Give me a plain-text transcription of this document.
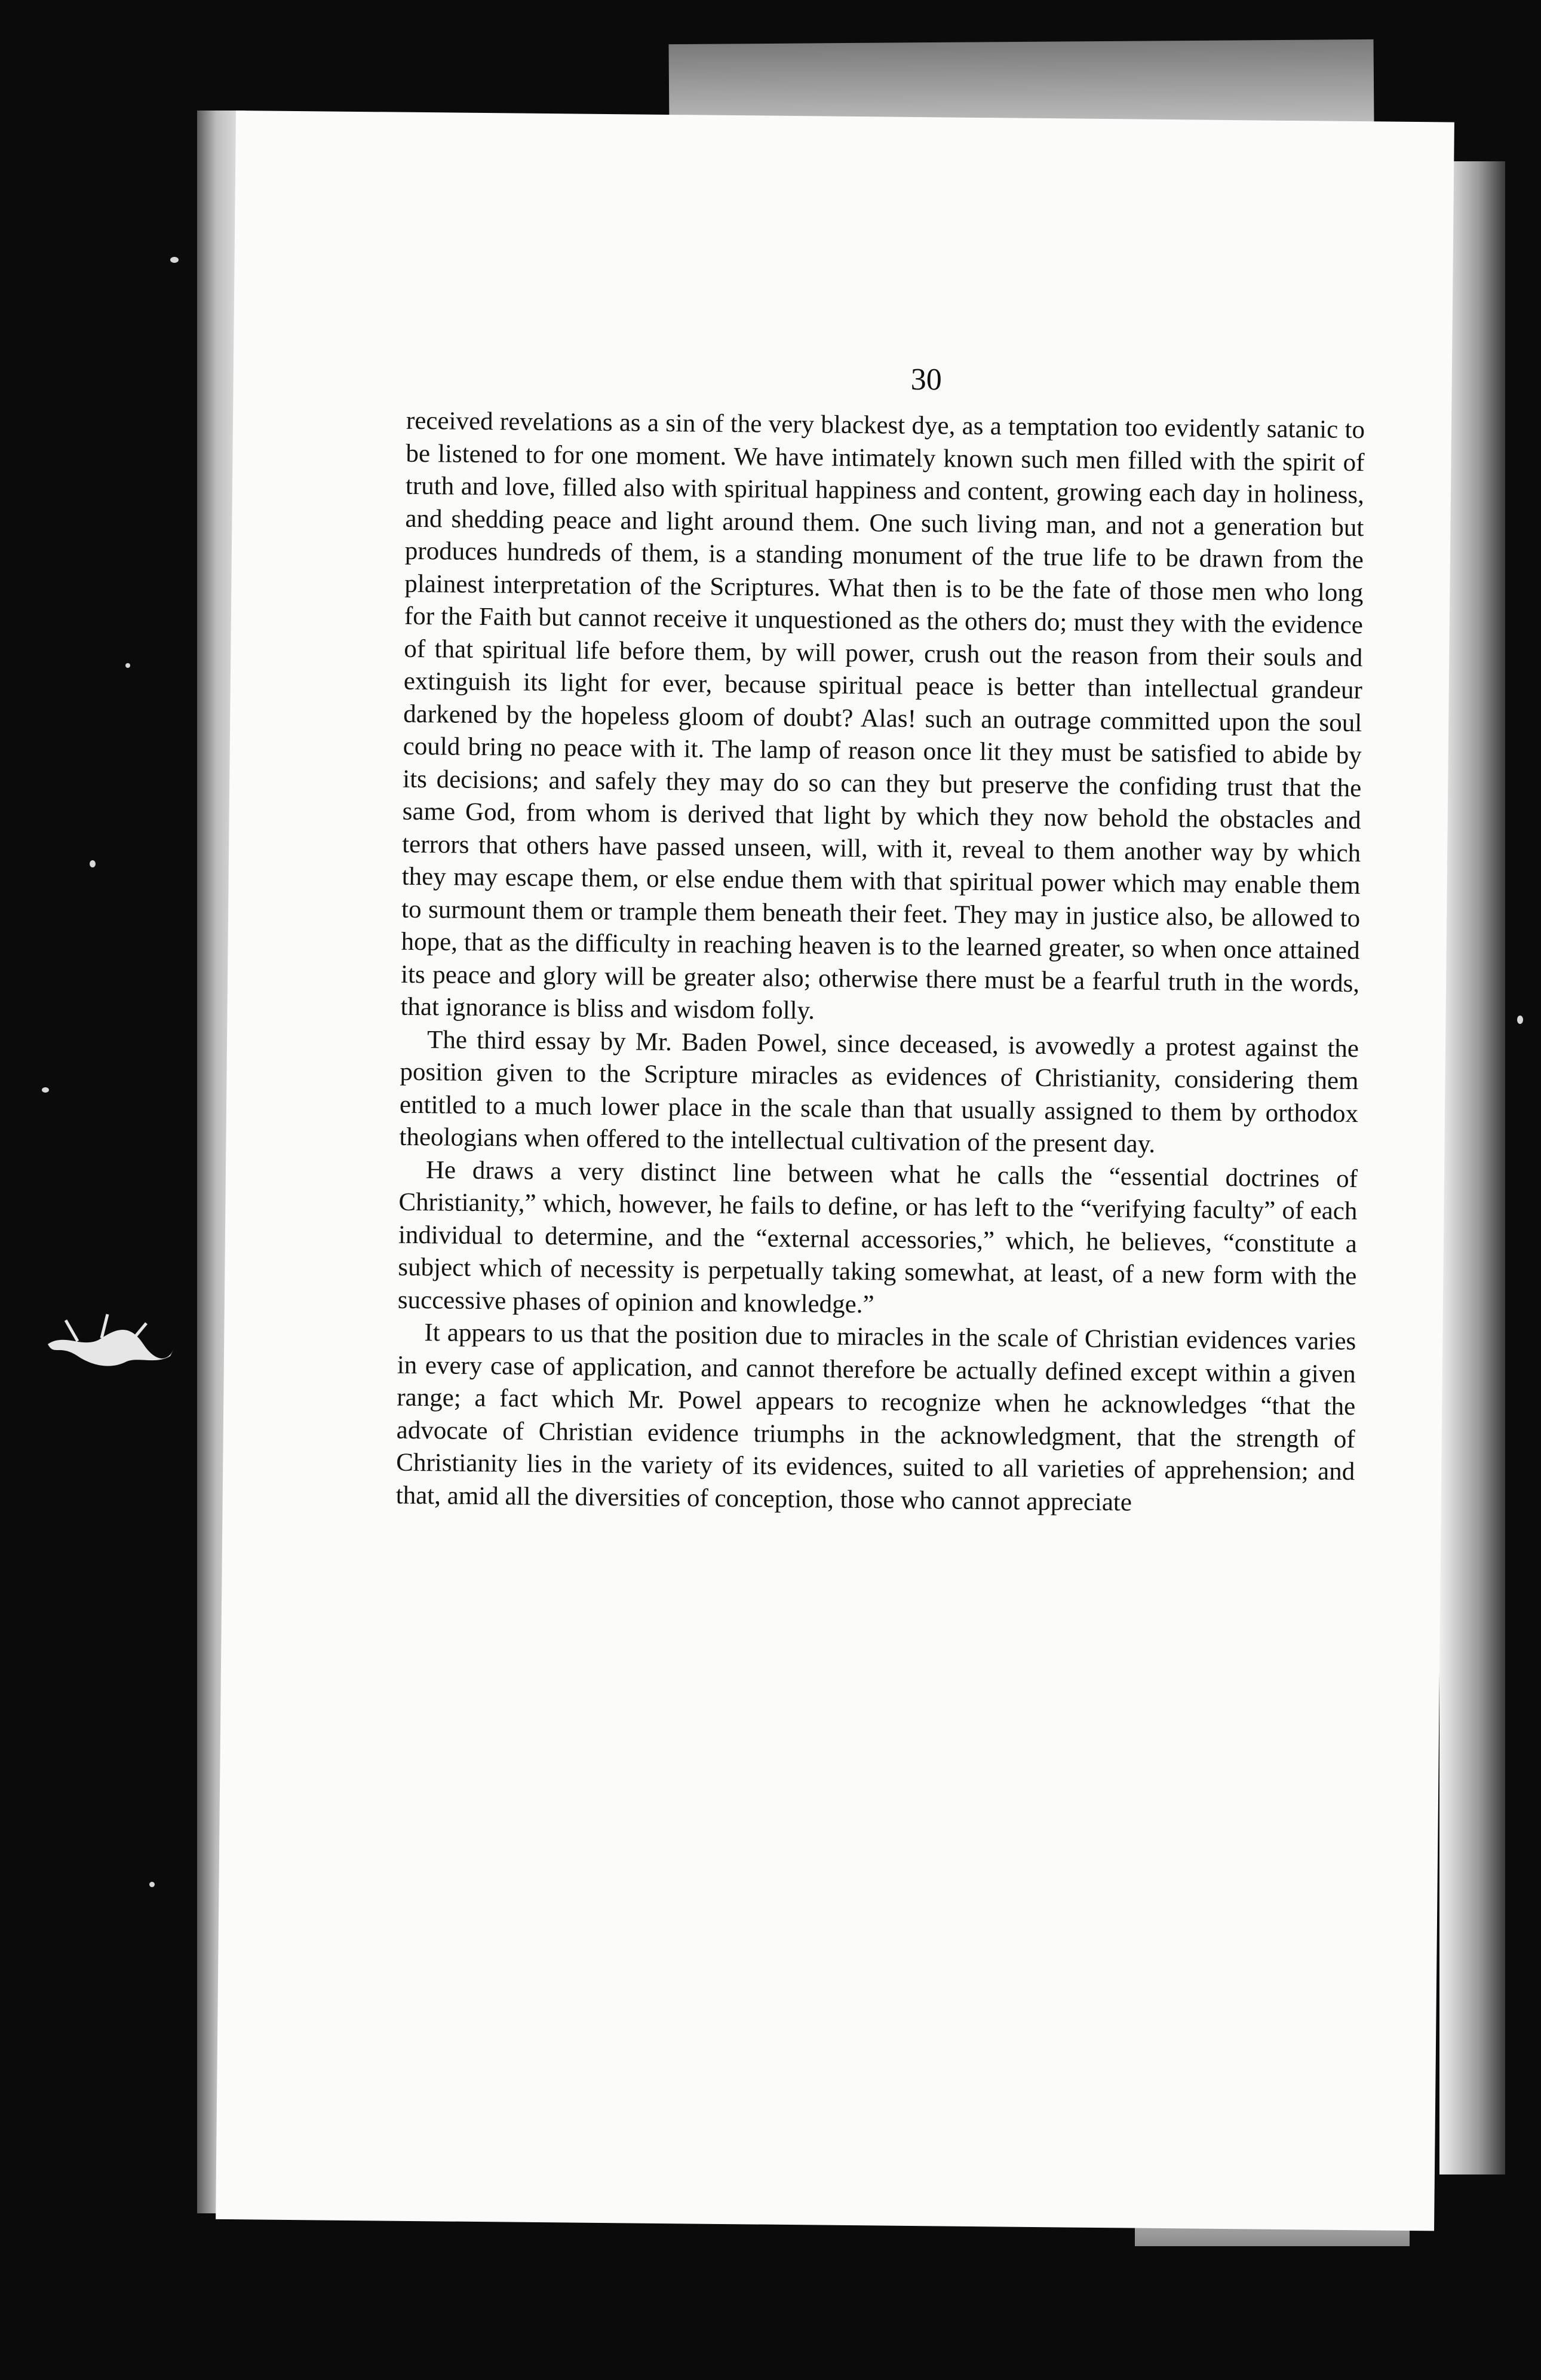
30

received revelations as a sin of the very blackest dye, as a temptation too evidently satanic to be listened to for one moment. We have intimately known such men filled with the spirit of truth and love, filled also with spiritual happiness and content, growing each day in holiness, and shedding peace and light around them. One such living man, and not a generation but produces hundreds of them, is a standing monument of the true life to be drawn from the plainest interpretation of the Scriptures. What then is to be the fate of those men who long for the Faith but cannot receive it unquestioned as the others do; must they with the evidence of that spiritual life before them, by will power, crush out the reason from their souls and extinguish its light for ever, because spiritual peace is better than intellectual grandeur darkened by the hopeless gloom of doubt? Alas! such an outrage committed upon the soul could bring no peace with it. The lamp of reason once lit they must be satisfied to abide by its decisions; and safely they may do so can they but preserve the confiding trust that the same God, from whom is derived that light by which they now behold the obstacles and terrors that others have passed unseen, will, with it, reveal to them another way by which they may escape them, or else endue them with that spiritual power which may enable them to surmount them or trample them beneath their feet. They may in justice also, be allowed to hope, that as the difficulty in reaching heaven is to the learned greater, so when once attained its peace and glory will be greater also; otherwise there must be a fearful truth in the words, that ignorance is bliss and wisdom folly.

The third essay by Mr. Baden Powel, since deceased, is avowedly a protest against the position given to the Scripture miracles as evidences of Christianity, considering them entitled to a much lower place in the scale than that usually assigned to them by orthodox theologians when offered to the intellectual cultivation of the present day.

He draws a very distinct line between what he calls the “essential doctrines of Christianity,” which, however, he fails to define, or has left to the “verifying faculty” of each individual to determine, and the “external accessories,” which, he believes, “constitute a subject which of necessity is perpetually taking somewhat, at least, of a new form with the successive phases of opinion and knowledge.”

It appears to us that the position due to miracles in the scale of Christian evidences varies in every case of application, and cannot therefore be actually defined except within a given range; a fact which Mr. Powel appears to recognize when he acknowledges “that the advocate of Christian evidence triumphs in the acknowledgment, that the strength of Christianity lies in the variety of its evidences, suited to all varieties of apprehension; and that, amid all the diversities of conception, those who cannot appreciate
